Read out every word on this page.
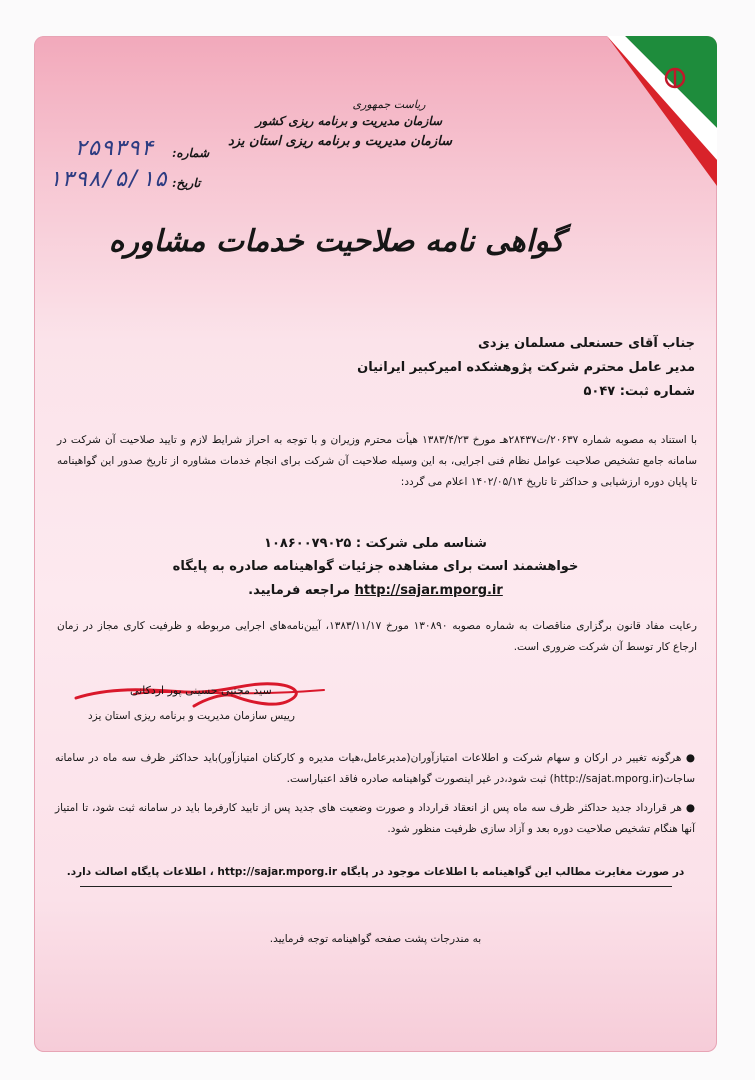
ریاست جمهوری
سازمان مدیریت و برنامه ریزی کشور
سازمان مدیریت و برنامه ریزی استان یزد
شماره:
۲۵۹۳۹۴
تاریخ:
۱۳۹۸/۵/۱۵
گواهی نامه صلاحیت خدمات مشاوره
جناب آقای حسنعلی مسلمان یزدی
مدیر عامل محترم شرکت پژوهشکده امیرکبیر ایرانیان
شماره ثبت: ۵۰۴۷
با استناد به مصوبه شماره ۲۰۶۳۷/ت۲۸۴۳۷هـ مورخ ۱۳۸۳/۴/۲۳ هیأت محترم وزیران و با توجه به احراز شرایط لازم و تایید صلاحیت آن شرکت در سامانه جامع تشخیص صلاحیت عوامل نظام فنی اجرایی، به این وسیله صلاحیت آن شرکت برای انجام خدمات مشاوره از تاریخ صدور این گواهینامه تا پایان دوره ارزشیابی و حداکثر تا تاریخ ۱۴۰۲/۰۵/۱۴ اعلام می گردد:
شناسه ملی شرکت : ۱۰۸۶۰۰۷۹۰۲۵
خواهشمند است برای مشاهده جزئیات گواهینامه صادره به پایگاه
http://sajar.mporg.ir مراجعه فرمایید.
رعایت مفاد قانون برگزاری مناقصات به شماره مصوبه ۱۳۰۸۹۰ مورخ ۱۳۸۳/۱۱/۱۷، آیین‌نامه‌های اجرایی مربوطه و ظرفیت کاری مجاز در زمان ارجاع کار توسط آن شرکت ضروری است.
سید مجتبی حسینی پور اردکانی
رییس سازمان مدیریت و برنامه ریزی استان یزد
● هرگونه تغییر در ارکان و سهام شرکت و اطلاعات امتیازآوران(مدیرعامل،هیات مدیره و کارکنان امتیازآور)باید حداکثر ظرف سه ماه در سامانه ساجات(http://sajat.mporg.ir) ثبت شود،در غیر اینصورت گواهینامه صادره فاقد اعتباراست.
● هر قرارداد جدید حداکثر ظرف سه ماه پس از انعقاد قرارداد و صورت وضعیت های جدید پس از تایید کارفرما باید در سامانه ثبت شود، تا امتیاز آنها هنگام تشخیص صلاحیت دوره بعد و آزاد سازی ظرفیت منظور شود.
در صورت مغایرت مطالب این گواهینامه با اطلاعات موجود در پایگاه http://sajar.mporg.ir ، اطلاعات پایگاه اصالت دارد.
به مندرجات پشت صفحه گواهینامه توجه فرمایید.
